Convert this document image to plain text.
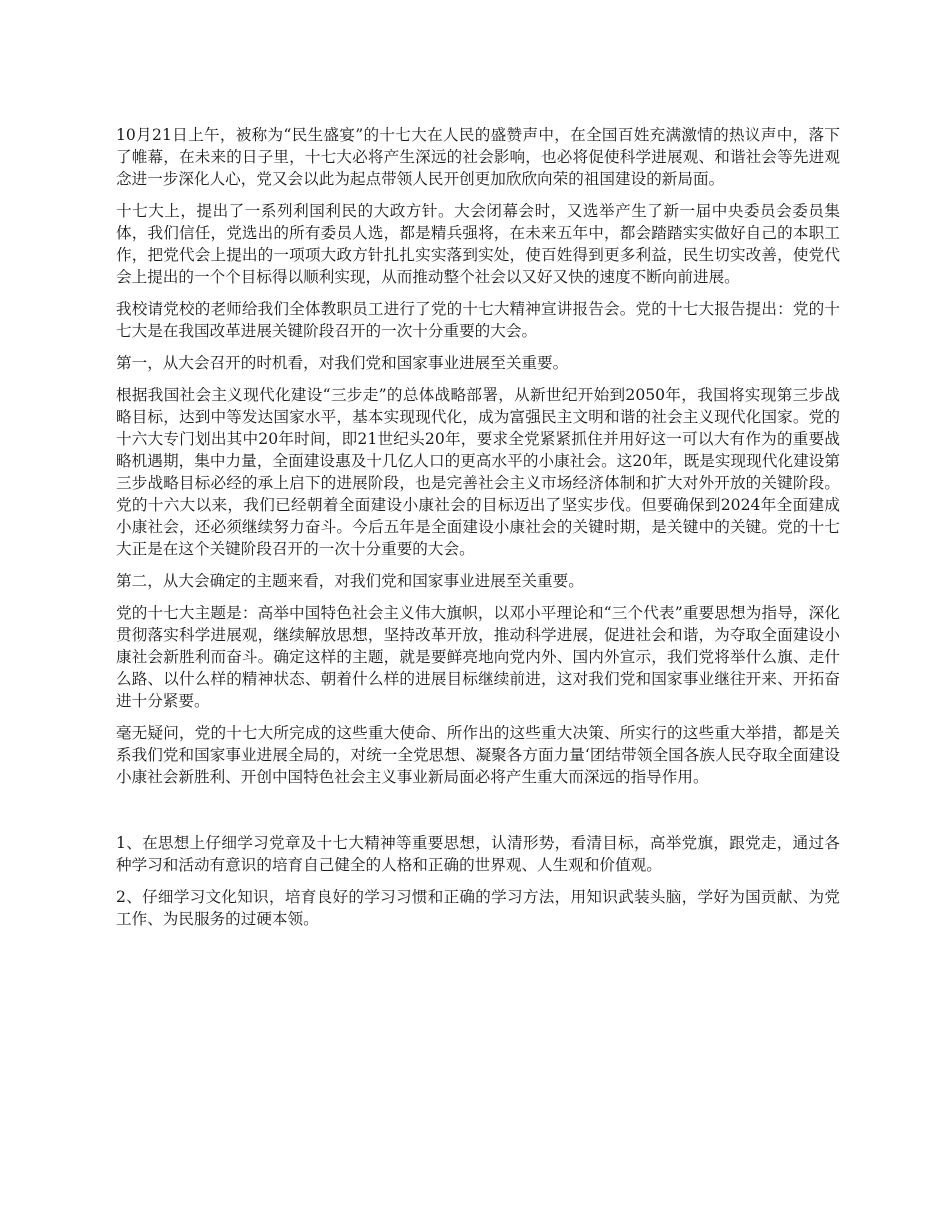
10月21日上午，被称为“民生盛宴”的十七大在人民的盛赞声中，在全国百姓充满激情的热议声中，落下了帷幕，在未来的日子里，十七大必将产生深远的社会影响，也必将促使科学进展观、和谐社会等先进观念进一步深化人心，党又会以此为起点带领人民开创更加欣欣向荣的祖国建设的新局面。

十七大上，提出了一系列利国利民的大政方针。大会闭幕会时，又选举产生了新一届中央委员会委员集体，我们信任，党选出的所有委员人选，都是精兵强将，在未来五年中，都会踏踏实实做好自己的本职工作，把党代会上提出的一项项大政方针扎扎实实落到实处，使百姓得到更多利益，民生切实改善，使党代会上提出的一个个目标得以顺利实现，从而推动整个社会以又好又快的速度不断向前进展。

我校请党校的老师给我们全体教职员工进行了党的十七大精神宣讲报告会。党的十七大报告提出：党的十七大是在我国改革进展关键阶段召开的一次十分重要的大会。

第一，从大会召开的时机看，对我们党和国家事业进展至关重要。

根据我国社会主义现代化建设“三步走”的总体战略部署，从新世纪开始到2050年，我国将实现第三步战略目标，达到中等发达国家水平，基本实现现代化，成为富强民主文明和谐的社会主义现代化国家。党的十六大专门划出其中20年时间，即21世纪头20年，要求全党紧紧抓住并用好这一可以大有作为的重要战略机遇期，集中力量，全面建设惠及十几亿人口的更高水平的小康社会。这20年，既是实现现代化建设第三步战略目标必经的承上启下的进展阶段，也是完善社会主义市场经济体制和扩大对外开放的关键阶段。党的十六大以来，我们已经朝着全面建设小康社会的目标迈出了坚实步伐。但要确保到2024年全面建成小康社会，还必须继续努力奋斗。今后五年是全面建设小康社会的关键时期，是关键中的关键。党的十七大正是在这个关键阶段召开的一次十分重要的大会。

第二，从大会确定的主题来看，对我们党和国家事业进展至关重要。

党的十七大主题是：高举中国特色社会主义伟大旗帜，以邓小平理论和“三个代表”重要思想为指导，深化贯彻落实科学进展观，继续解放思想，坚持改革开放，推动科学进展，促进社会和谐，为夺取全面建设小康社会新胜利而奋斗。确定这样的主题，就是要鲜亮地向党内外、国内外宣示，我们党将举什么旗、走什么路、以什么样的精神状态、朝着什么样的进展目标继续前进，这对我们党和国家事业继往开来、开拓奋进十分紧要。

毫无疑问，党的十七大所完成的这些重大使命、所作出的这些重大决策、所实行的这些重大举措，都是关系我们党和国家事业进展全局的，对统一全党思想、凝聚各方面力量‘团结带领全国各族人民夺取全面建设小康社会新胜利、开创中国特色社会主义事业新局面必将产生重大而深远的指导作用。

1、在思想上仔细学习党章及十七大精神等重要思想，认清形势，看清目标，高举党旗，跟党走，通过各种学习和活动有意识的培育自己健全的人格和正确的世界观、人生观和价值观。

2、仔细学习文化知识，培育良好的学习习惯和正确的学习方法，用知识武装头脑，学好为国贡献、为党工作、为民服务的过硬本领。
